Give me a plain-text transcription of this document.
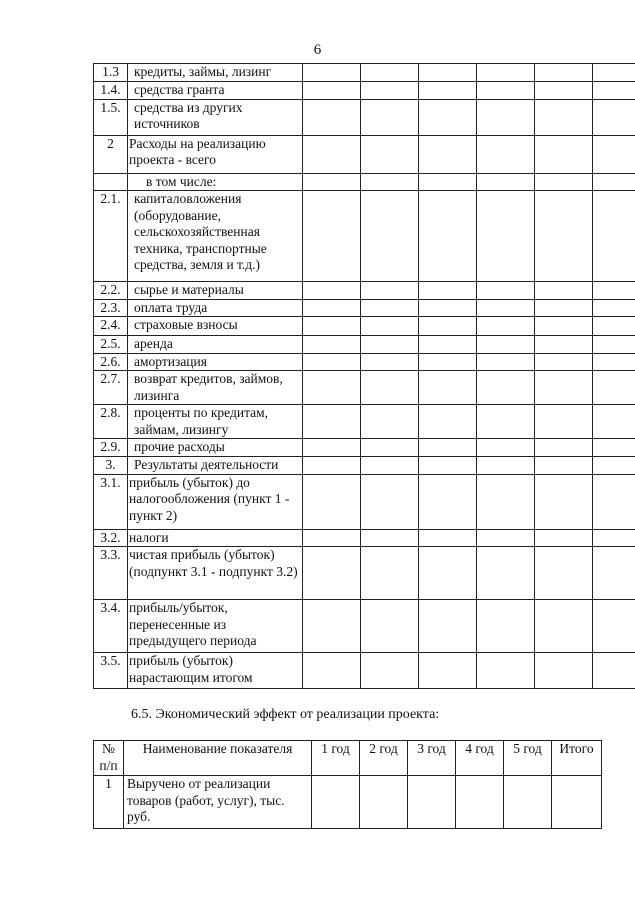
6
1.3	кредиты, займы, лизинг						
1.4.	средства гранта						
1.5.	средства из других источников						
2	Расходы на реализацию проекта - всего						
	в том числе:						
2.1.	капиталовложения (оборудование, сельскохозяйственная техника, транспортные средства, земля и т.д.)						
2.2.	сырье и материалы						
2.3.	оплата труда						
2.4.	страховые взносы						
2.5.	аренда						
2.6.	амортизация						
2.7.	возврат кредитов, займов, лизинга						
2.8.	проценты по кредитам, займам, лизингу						
2.9.	прочие расходы						
3.	Результаты деятельности						
3.1.	прибыль (убыток) до налогообложения (пункт 1 - пункт 2)						
3.2.	налоги						
3.3.	чистая прибыль (убыток) (подпункт 3.1 - подпункт 3.2)						
3.4.	прибыль/убыток, перенесенные из предыдущего периода						
3.5.	прибыль (убыток) нарастающим итогом						
6.5. Экономический эффект от реализации проекта:
№ п/п	Наименование показателя	1 год	2 год	3 год	4 год	5 год	Итого
1	Выручено от реализации товаров (работ, услуг), тыс. руб.						
